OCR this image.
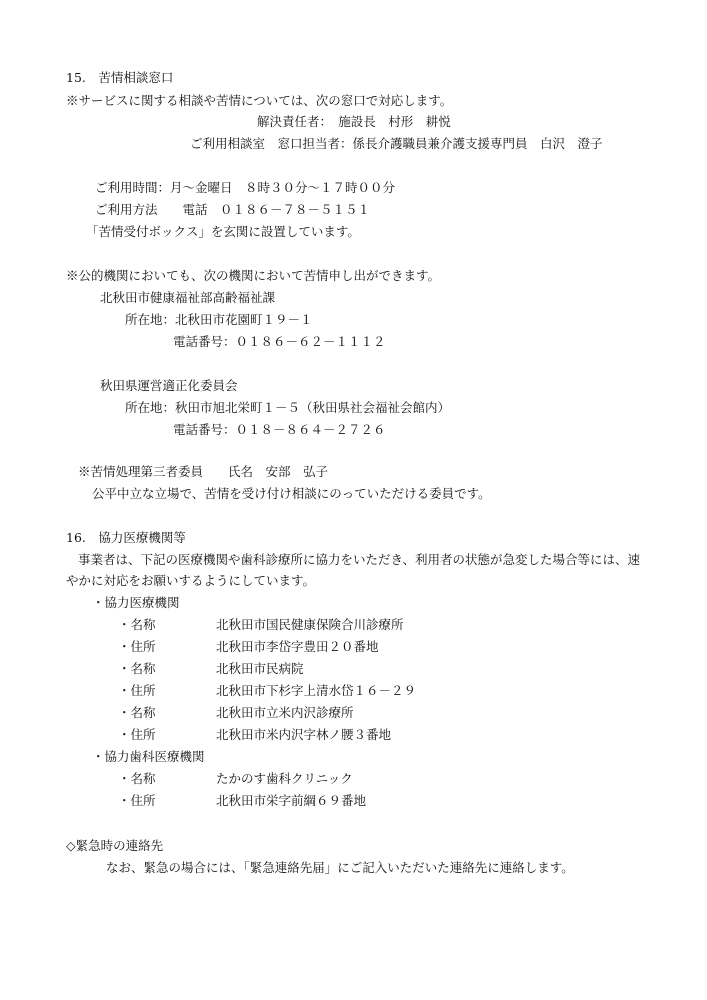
15.　苦情相談窓口
※サービスに関する相談や苦情については、次の窓口で対応します。
解決責任者：　施設長　村形　耕悦
ご利用相談室　窓口担当者：係長介護職員兼介護支援専門員　白沢　澄子
ご利用時間：月～金曜日　８時３０分～１７時００分
ご利用方法　　電話　０１８６－７８－５１５１
「苦情受付ボックス」を玄関に設置しています。
※公的機関においても、次の機関において苦情申し出ができます。
北秋田市健康福祉部高齢福祉課
所在地：北秋田市花園町１９－１
電話番号：０１８６－６２－１１１２
秋田県運営適正化委員会
所在地：秋田市旭北栄町１－５（秋田県社会福祉会館内）
電話番号：０１８－８６４－２７２６
※苦情処理第三者委員　　氏名　安部　弘子
公平中立な立場で、苦情を受け付け相談にのっていただける委員です。
16.　協力医療機関等
事業者は、下記の医療機関や歯科診療所に協力をいただき、利用者の状態が急変した場合等には、速
やかに対応をお願いするようにしています。
・協力医療機関
・名称	北秋田市国民健康保険合川診療所
・住所	北秋田市李岱字豊田２０番地
・名称	北秋田市民病院
・住所	北秋田市下杉字上清水岱１６－２９
・名称	北秋田市立米内沢診療所
・住所	北秋田市米内沢字林ノ腰３番地
・協力歯科医療機関
・名称	たかのす歯科クリニック
・住所	北秋田市栄字前綱６９番地
◇緊急時の連絡先
なお、緊急の場合には、「緊急連絡先届」にご記入いただいた連絡先に連絡します。
